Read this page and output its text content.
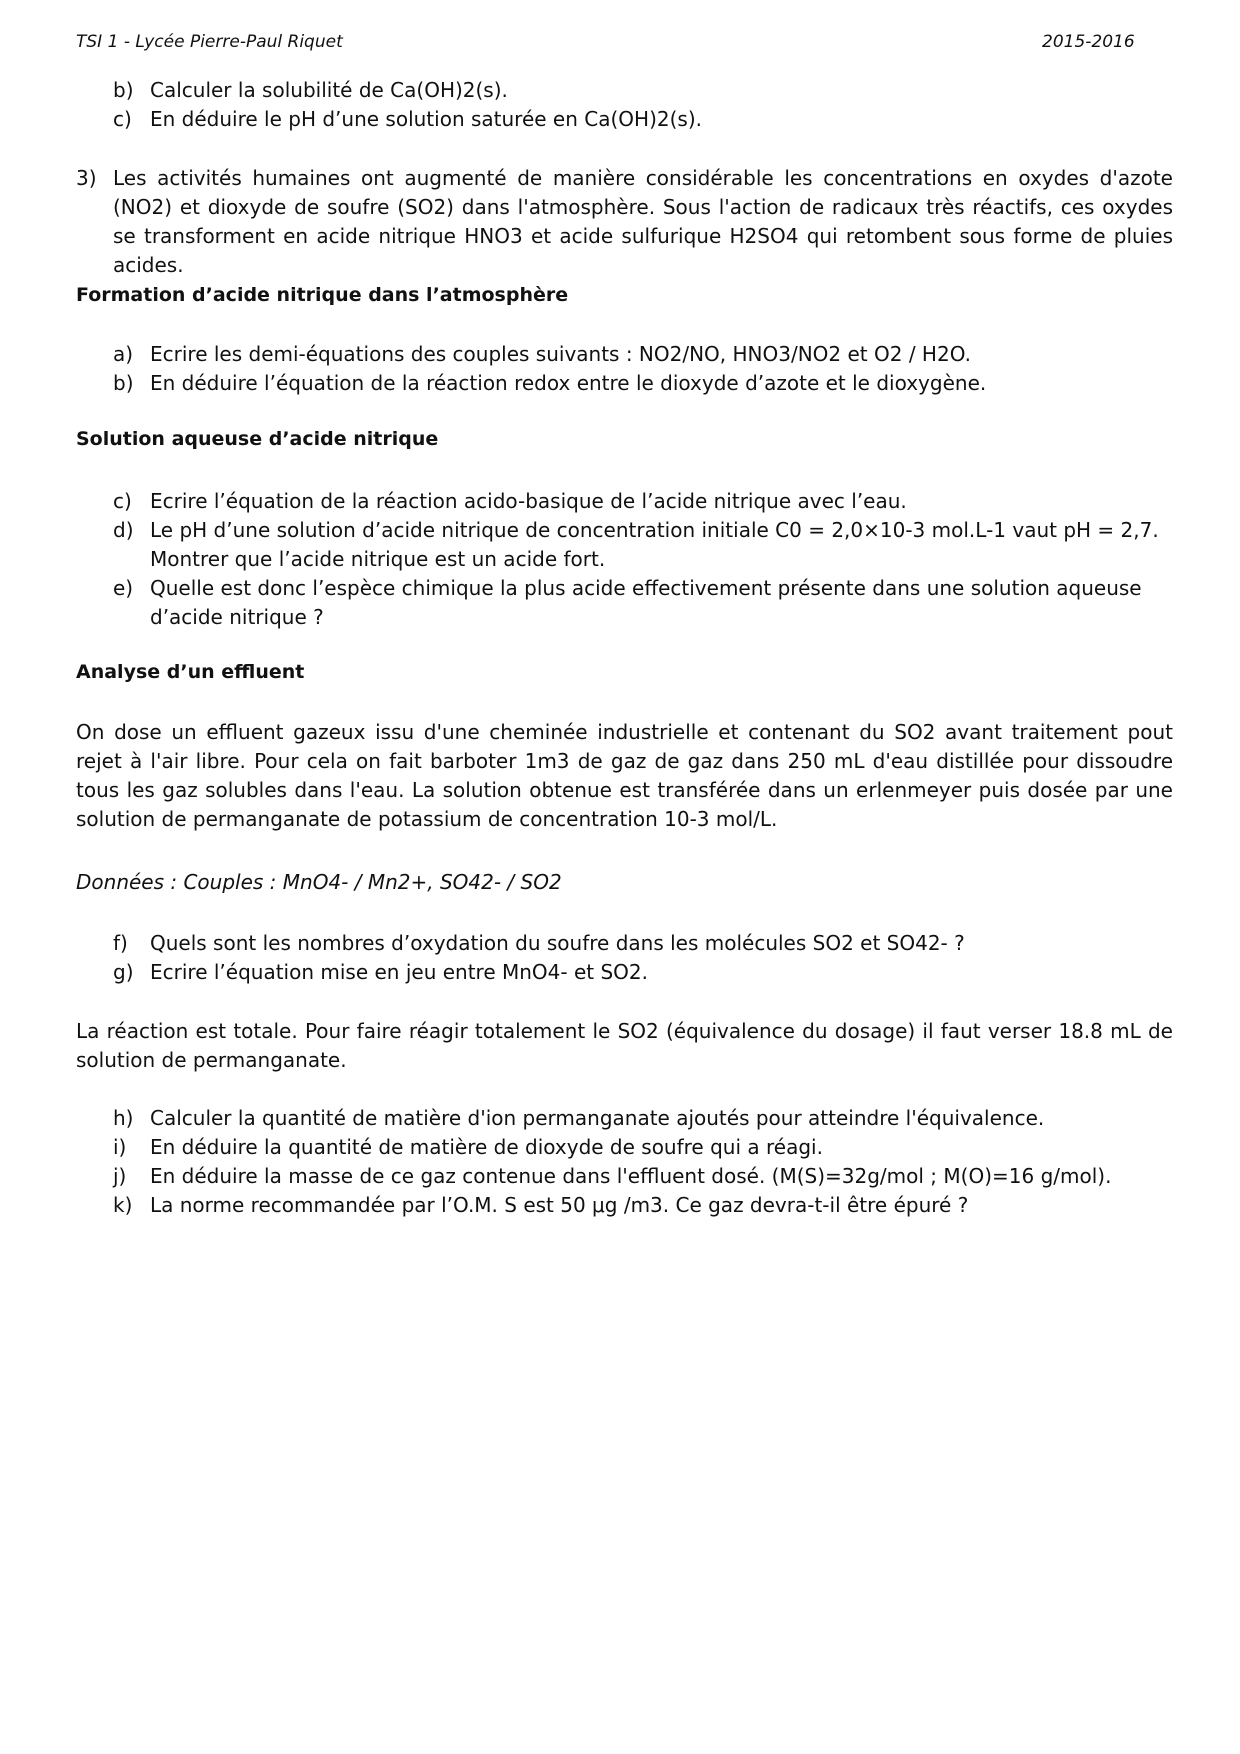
TSI 1 - Lycée Pierre-Paul Riquet	2015-2016
b) Calculer la solubilité de Ca(OH)2(s).
c) En déduire le pH d’une solution saturée en Ca(OH)2(s).
3) Les activités humaines ont augmenté de manière considérable les concentrations en oxydes d'azote (NO2) et dioxyde de soufre (SO2) dans l'atmosphère. Sous l'action de radicaux très réactifs, ces oxydes se transforment en acide nitrique HNO3 et acide sulfurique H2SO4 qui retombent sous forme de pluies acides.
Formation d’acide nitrique dans l’atmosphère
a) Ecrire les demi-équations des couples suivants : NO2/NO, HNO3/NO2 et O2 / H2O.
b) En déduire l’équation de la réaction redox entre le dioxyde d’azote et le dioxygène.
Solution aqueuse d’acide nitrique
c) Ecrire l’équation de la réaction acido-basique de l’acide nitrique avec l’eau.
d) Le pH d’une solution d’acide nitrique de concentration initiale C0 = 2,0×10-3 mol.L-1 vaut pH = 2,7. Montrer que l’acide nitrique est un acide fort.
e) Quelle est donc l’espèce chimique la plus acide effectivement présente dans une solution aqueuse d’acide nitrique ?
Analyse d’un effluent
On dose un effluent gazeux issu d'une cheminée industrielle et contenant du SO2 avant traitement pout rejet à l'air libre. Pour cela on fait barboter 1m3 de gaz de gaz dans 250 mL d'eau distillée pour dissoudre tous les gaz solubles dans l'eau. La solution obtenue est transférée dans un erlenmeyer puis dosée par une solution de permanganate de potassium de concentration 10-3 mol/L.
Données : Couples : MnO4- / Mn2+, SO42- / SO2
f)	Quels sont les nombres d’oxydation du soufre dans les molécules SO2 et SO42- ?
g) Ecrire l’équation mise en jeu entre MnO4- et SO2.
La réaction est totale. Pour faire réagir totalement le SO2 (équivalence du dosage) il faut verser 18.8 mL de solution de permanganate.
h) Calculer la quantité de matière d'ion permanganate ajoutés pour atteindre l'équivalence.
i)	En déduire la quantité de matière de dioxyde de soufre qui a réagi.
j)	En déduire la masse de ce gaz contenue dans l'effluent dosé. (M(S)=32g/mol ; M(O)=16 g/mol).
k) La norme recommandée par l’O.M. S est 50 μg /m3. Ce gaz devra-t-il être épuré ?
